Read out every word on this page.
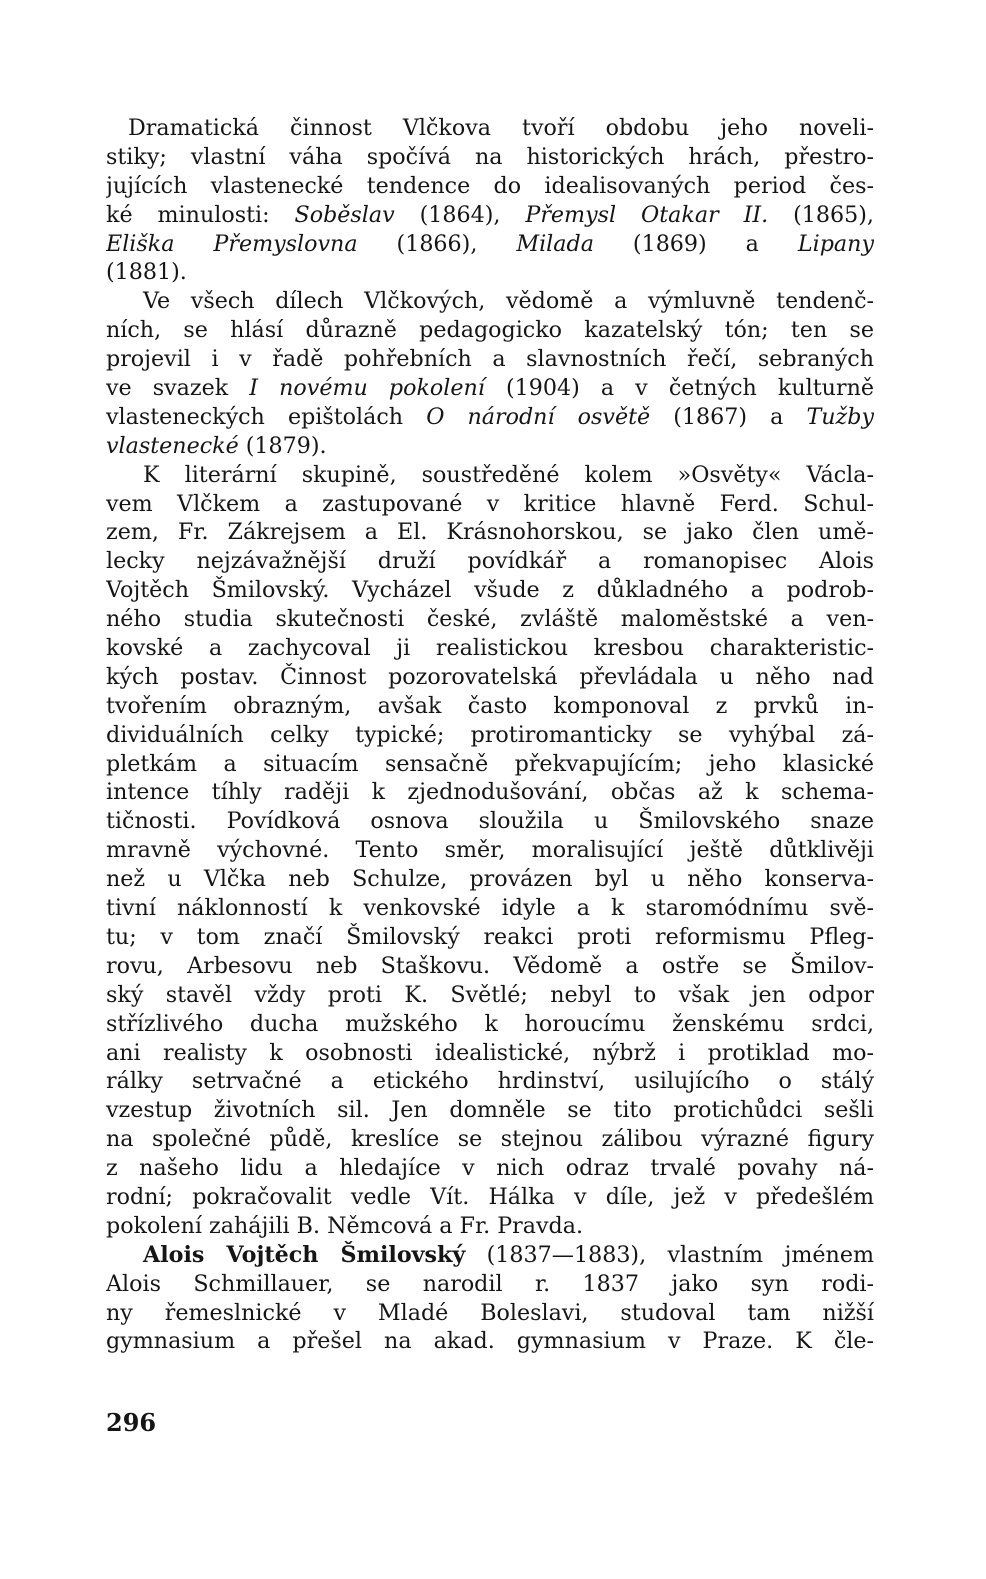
Dramatická činnost Vlčkova tvoří obdobu jeho noveli-
stiky; vlastní váha spočívá na historických hrách, přestro-
jujících vlastenecké tendence do idealisovaných period čes-
ké minulosti: Soběslav (1864), Přemysl Otakar II. (1865),
Eliška Přemyslovna (1866), Milada (1869) a Lipany
(1881).
Ve všech dílech Vlčkových, vědomě a výmluvně tendenč-
ních, se hlásí důrazně pedagogicko kazatelský tón; ten se
projevil i v řadě pohřebních a slavnostních řečí, sebraných
ve svazek I novému pokolení (1904) a v četných kulturně
vlasteneckých epištolách O národní osvětě (1867) a Tužby
vlastenecké (1879).
K literární skupině, soustředěné kolem »Osvěty« Václa-
vem Vlčkem a zastupované v kritice hlavně Ferd. Schul-
zem, Fr. Zákrejsem a El. Krásnohorskou, se jako člen umě-
lecky nejzávažnější druží povídkář a romanopisec Alois
Vojtěch Šmilovský. Vycházel všude z důkladného a podrob-
ného studia skutečnosti české, zvláště maloměstské a ven-
kovské a zachycoval ji realistickou kresbou charakteristic-
kých postav. Činnost pozorovatelská převládala u něho nad
tvořením obrazným, avšak často komponoval z prvků in-
dividuálních celky typické; protiromanticky se vyhýbal zá-
pletkám a situacím sensačně překvapujícím; jeho klasické
intence tíhly raději k zjednodušování, občas až k schema-
tičnosti. Povídková osnova sloužila u Šmilovského snaze
mravně výchovné. Tento směr, moralisující ještě důtklivěji
než u Vlčka neb Schulze, provázen byl u něho konserva-
tivní náklonností k venkovské idyle a k staromódnímu svě-
tu; v tom značí Šmilovský reakci proti reformismu Pfleg-
rovu, Arbesovu neb Staškovu. Vědomě a ostře se Šmilov-
ský stavěl vždy proti K. Světlé; nebyl to však jen odpor
střízlivého ducha mužského k horoucímu ženskému srdci,
ani realisty k osobnosti idealistické, nýbrž i protiklad mo-
rálky setrvačné a etického hrdinství, usilujícího o stálý
vzestup životních sil. Jen domněle se tito protichůdci sešli
na společné půdě, kreslíce se stejnou zálibou výrazné figury
z našeho lidu a hledajíce v nich odraz trvalé povahy ná-
rodní; pokračovalit vedle Vít. Hálka v díle, jež v předešlém
pokolení zahájili B. Němcová a Fr. Pravda.
Alois Vojtěch Šmilovský (1837—1883), vlastním jménem
Alois Schmillauer, se narodil r. 1837 jako syn rodi-
ny řemeslnické v Mladé Boleslavi, studoval tam nižší
gymnasium a přešel na akad. gymnasium v Praze. K čle-
296
